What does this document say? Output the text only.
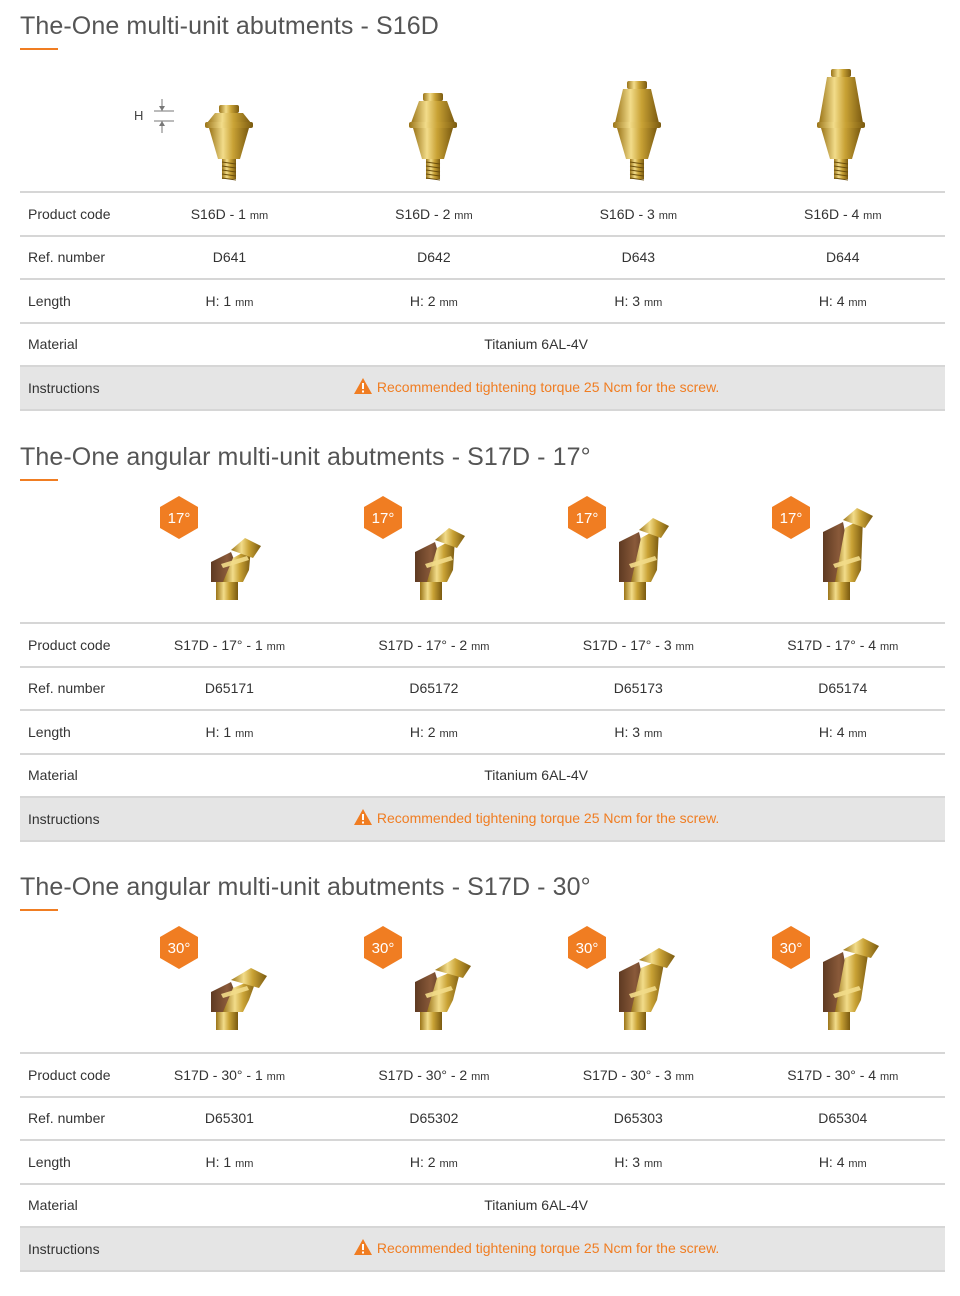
The-One multi-unit abutments - S16D
H
Product code	S16D - 1 mm	S16D - 2 mm	S16D - 3 mm	S16D - 4 mm
Ref. number	D641	D642	D643	D644
Length	H: 1 mm	H: 2 mm	H: 3 mm	H: 4 mm
Material	Titanium 6AL-4V			
Instructions	Recommended tightening torque 25 Ncm for the screw.			
The-One angular multi-unit abutments - S17D - 17°
17°	17°	17°	17°
Product code	S17D - 17° - 1 mm	S17D - 17° - 2 mm	S17D - 17° - 3 mm	S17D - 17° - 4 mm
Ref. number	D65171	D65172	D65173	D65174
Length	H: 1 mm	H: 2 mm	H: 3 mm	H: 4 mm
Material	Titanium 6AL-4V			
Instructions	Recommended tightening torque 25 Ncm for the screw.			
The-One angular multi-unit abutments - S17D - 30°
30°	30°	30°	30°
Product code	S17D - 30° - 1 mm	S17D - 30° - 2 mm	S17D - 30° - 3 mm	S17D - 30° - 4 mm
Ref. number	D65301	D65302	D65303	D65304
Length	H: 1 mm	H: 2 mm	H: 3 mm	H: 4 mm
Material	Titanium 6AL-4V			
Instructions	Recommended tightening torque 25 Ncm for the screw.			
